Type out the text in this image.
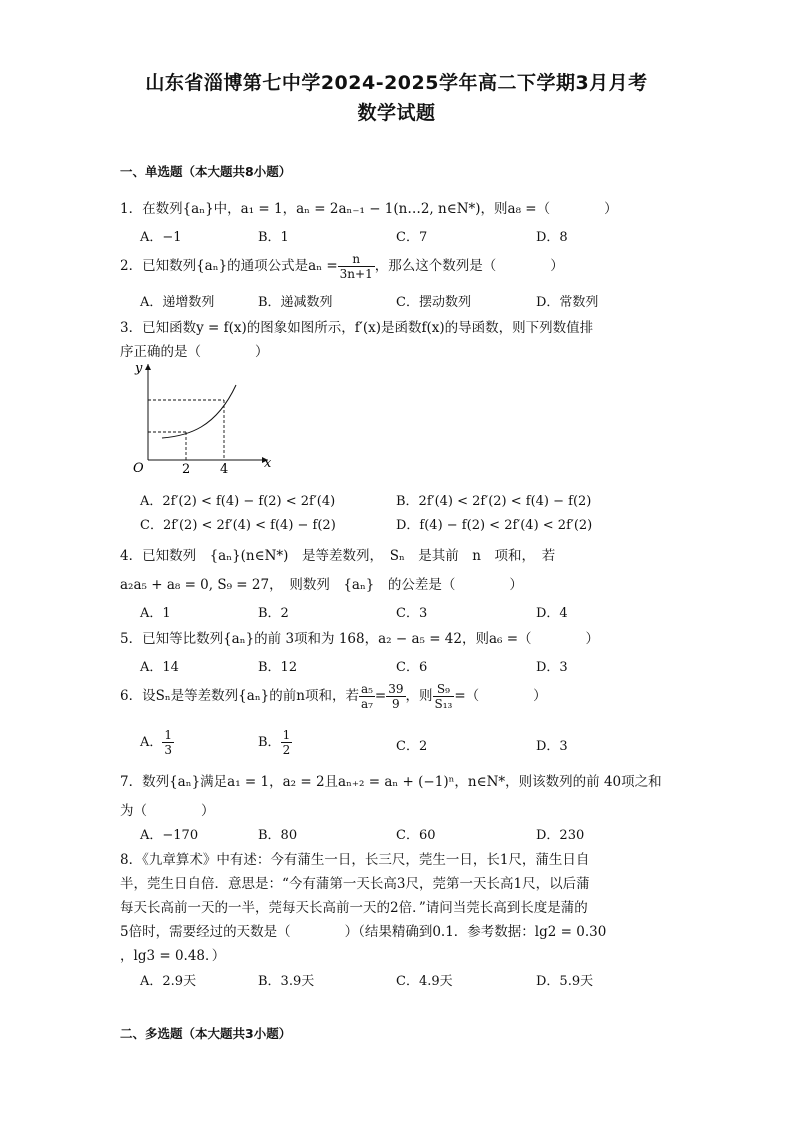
山东省淄博第七中学2024-2025学年高二下学期3月月考
数学试题
一、单选题（本大题共8小题）
1．在数列{aₙ}中，a₁ = 1，aₙ = 2aₙ₋₁ − 1(n…2, n∈N*)，则a₈ =（　　　　）
A．−1	B．1	C．7	D．8
2．已知数列{aₙ}的通项公式是$a_n = \frac{n}{3n+1}$ ，那么这个数列是（　　　　）
A．递增数列	B．递减数列	C．摆动数列	D．常数列
3．已知函数y = f(x)的图象如图所示，f′(x)是函数f(x)的导函数，则下列数值排
序正确的是（　　　　）
y
x
O	2 4
A．2f′(2) < f(4) − f(2) < 2f′(4)	B．2f′(4) < 2f′(2) < f(4) − f(2)
C．2f′(2) < 2f′(4) < f(4) − f(2)	D．f(4) − f(2) < 2f′(4) < 2f′(2)
4．已知数列　{aₙ}(n∈N*)　是等差数列，　Sₙ　是其前　n　项和，　若
a₂a₅ + a₈ = 0, S₉ = 27，　则数列　{aₙ}　的公差是（　　　　）
A．1	B．2	C．3	D．4
5．已知等比数列{aₙ}的前 3项和为 168，a₂ − a₅ = 42，则a₆ =（　　　　）
A．14	B．12	C．6	D．3
6．设Sₙ是等差数列{aₙ}的前n项和，若 $\frac{\text{a₅}}{\text{a₇}} = \frac{39}{9}$ ，则 $\frac{\text{S₉}}{\text{S₁₃}}$ =（　　　　）
A． $\frac{1}{3}$	B． $\frac{1}{2}$	C．2	D．3
7．数列{aₙ}满足a₁ = 1，a₂ = 2且aₙ₊₂ = aₙ + (−1)ⁿ，n∈N*，则该数列的前 40项之和
为（　　　　）
A．−170	B．80	C．60	D．230
8．《九章算术》中有述：今有蒲生一日，长三尺，莞生一日，长1尺，蒲生日自
半，莞生日自倍．意思是：“今有蒲第一天长高3尺，莞第一天长高1尺，以后蒲
每天长高前一天的一半，莞每天长高前一天的2倍．”请问当莞长高到长度是蒲的
5倍时，需要经过的天数是（　　　　）（结果精确到0.1．参考数据：lg2 = 0.30
，lg3 = 0.48．）
A．2.9天	B．3.9天	C．4.9天	D．5.9天
二、多选题（本大题共3小题）
